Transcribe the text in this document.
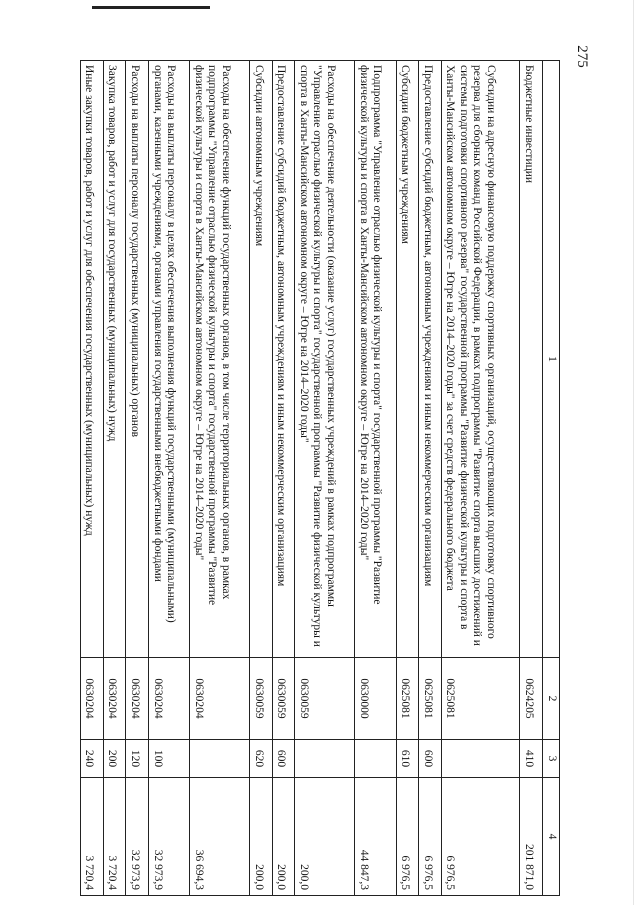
275
1	2	3	4
Бюджетные инвестиции	0624205	410	201 871,0
Субсидии на адресную финансовую поддержку спортивных организаций, осуществляющих подготовку спортивного резерва для сборных команд Российской Федерации, в рамках подпрограммы "Развитие спорта высших достижений и системы подготовки спортивного резерва" государственной программы "Развитие физической культуры и спорта в Ханты-Мансийском автономном округе – Югре на 2014–2020 годы" за счет средств федерального бюджета	0625081		6 976,5
Предоставление субсидий бюджетным, автономным учреждениям и иным некоммерческим организациям	0625081	600	6 976,5
Субсидии бюджетным учреждениям	0625081	610	6 976,5
Подпрограмма "Управление отраслью физической культуры и спорта" государственной программы "Развитие физической культуры и спорта в Ханты-Мансийском автономном округе – Югре на 2014–2020 годы"	0630000		44 847,3
Расходы на обеспечение деятельности (оказание услуг) государственных учреждений в рамках подпрограммы "Управление отраслью физической культуры и спорта" государственной программы "Развитие физической культуры и спорта в Ханты-Мансийском автономном округе – Югре на 2014–2020 годы"	0630059		200,0
Предоставление субсидий бюджетным, автономным учреждениям и иным некоммерческим организациям	0630059	600	200,0
Субсидии автономным учреждениям	0630059	620	200,0
Расходы на обеспечение функций государственных органов, в том числе территориальных органов, в рамках подпрограммы "Управление отраслью физической культуры и спорта" государственной программы "Развитие физической культуры и спорта в Ханты-Мансийском автономном округе – Югре на 2014–2020 годы"	0630204		36 694,3
Расходы на выплаты персоналу в целях обеспечения выполнения функций государственными (муниципальными) органами, казенными учреждениями, органами управления государственными внебюджетными фондами	0630204	100	32 973,9
Расходы на выплаты персоналу государственных (муниципальных) органов	0630204	120	32 973,9
Закупка товаров, работ и услуг для государственных (муниципальных) нужд	0630204	200	3 720,4
Иные закупки товаров, работ и услуг для обеспечения государственных (муниципальных) нужд	0630204	240	3 720,4
